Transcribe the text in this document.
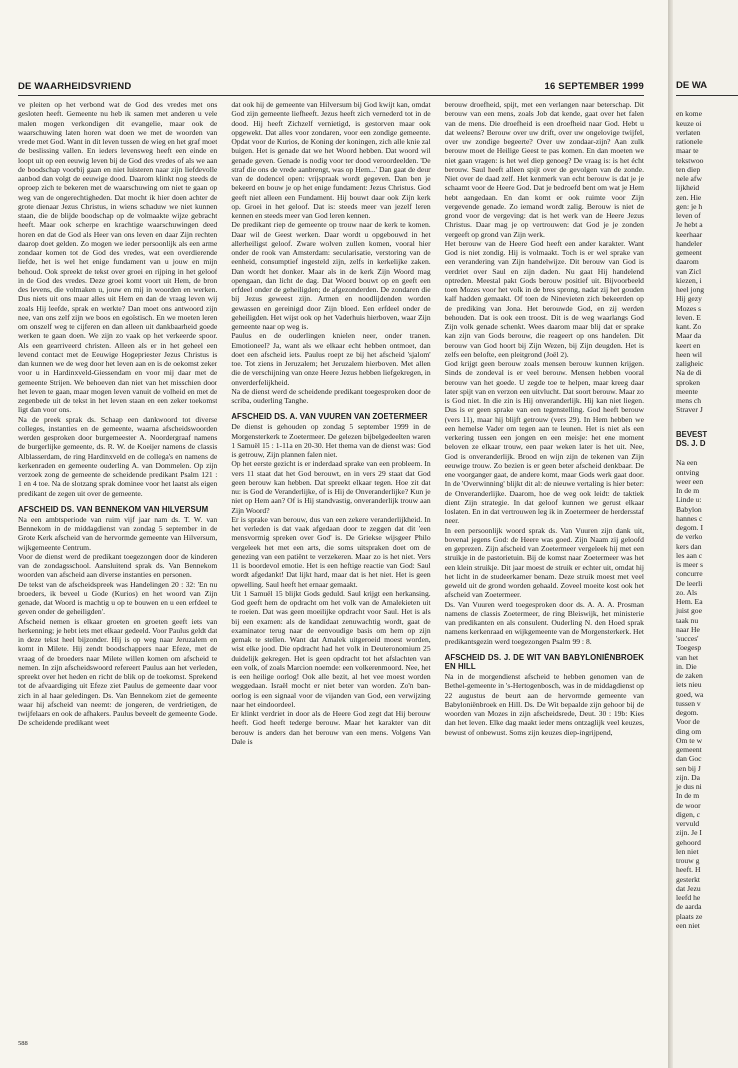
DE WAARHEIDSVRIEND	16 SEPTEMBER 1999

ve pleiten op het verbond wat de God des vredes met ons gesloten heeft. Gemeente nu heb ik samen met anderen u vele malen mogen verkondigen dit evangelie, maar ook de waarschuwing laten horen wat doen we met de woorden van vrede met God. Want in dit leven tussen de wieg en het graf moet de beslissing vallen. En ieders levensweg heeft een einde en loopt uit op een eeuwig leven bij de God des vredes of als we aan de boodschap voorbij gaan en niet luisteren naar zijn liefdevolle aanbod dan volgt de eeuwige dood. Daarom klinkt nog steeds de oproep zich te bekeren met de waarschuwing om niet te gaan op weg van de ongerechtigheden. Dat mocht ik hier doen achter de grote dienaar Jezus Christus, in wiens schaduw we niet kunnen staan, die de blijde boodschap op de volmaakte wijze gebracht heeft. Maar ook scherpe en krachtige waarschuwingen deed horen en dat de God als Heer van ons leven en daar Zijn rechten daarop doet gelden. Zo mogen we ieder persoonlijk als een arme zondaar komen tot de God des vredes, wat een overdierende liefde, het is wel het enige fundament van u jouw en mijn behoud. Ook spreekt de tekst over groei en rijping in het geloof in de God des vredes. Deze groei komt voort uit Hem, de bron des levens, die volmaken u, jouw en mij in woorden en werken. Dus niets uit ons maar alles uit Hem en dan de vraag leven wij zoals Hij leefde, sprak en werkte? Dan moet ons antwoord zijn nee, van ons zelf zijn we boos en egoïstisch. En we moeten leren om onszelf weg te cijferen en dan alleen uit dankbaarheid goede werken te gaan doen. We zijn zo vaak op het verkeerde spoor. Als een gearriveerd christen. Alleen als er in het geheel een levend contact met de Eeuwige Hogepriester Jezus Christus is dan kunnen we de weg door het leven aan en is de oekomst zeker voor u in Hardinxveld-Giessendam en voor mij daar met de gemeente Strijen. We behoeven dan niet van het misschien door het leven te gaan, maar mogen leven vanuit de volheid en met de zegenbede uit de tekst in het leven staan en een zeker toekomst ligt dan voor ons.

Na de preek sprak ds. Schaap een dankwoord tot diverse colleges, instanties en de gemeente, waarna afscheidswoorden werden gesproken door burgemeester A. Noordergraaf namens de burgerlijke gemeente, ds. R. W. de Koeijer namens de classis Alblasserdam, de ring Hardinxveld en de collega's en namens de kerkenraden en gemeente ouderling A. van Dommelen. Op zijn verzoek zong de gemeente de scheidende predikant Psalm 121 : 1 en 4 toe. Na de slotzang sprak dominee voor het laatst als eigen predikant de zegen uit over de gemeente.

AFSCHEID DS. VAN BENNEKOM VAN HILVERSUM

Na een ambtsperiode van ruim vijf jaar nam ds. T. W. van Bennekom in de middagdienst van zondag 5 september in de Grote Kerk afscheid van de hervormde gemeente van Hilversum, wijkgemeente Centrum.

Voor de dienst werd de predikant toegezongen door de kinderen van de zondagsschool. Aansluitend sprak ds. Van Bennekom woorden van afscheid aan diverse instanties en personen.

De tekst van de afscheidspreek was Handelingen 20 : 32: 'En nu broeders, ik beveel u Gode (Kurios) en het woord van Zijn genade, dat Woord is machtig u op te bouwen en u een erfdeel te geven onder de geheiligden'.

Afscheid nemen is elkaar groeten en groeten geeft iets van herkenning; je hebt iets met elkaar gedeeld. Voor Paulus geldt dat in deze tekst heel bijzonder. Hij is op weg naar Jeruzalem en komt in Milete. Hij zendt boodschappers naar Efeze, met de vraag of de broeders naar Milete willen komen om afscheid te nemen. In zijn afscheidswoord refereert Paulus aan het verleden, spreekt over het heden en richt de blik op de toekomst. Sprekend tot de afvaardiging uit Efeze ziet Paulus de gemeente daar voor zich in al haar geledingen. Ds. Van Bennekom ziet de gemeente waar hij afscheid van neemt: de jongeren, de verdrietigen, de twijfelaars en ook de afhakers. Paulus beveelt de gemeente Gode. De scheidende predikant weet

dat ook hij de gemeente van Hilversum bij God kwijt kan, omdat God zijn gemeente liefheeft. Jezus heeft zich vernederd tot in de dood. Hij heeft Zichzelf vernietigd, is gestorven maar ook opgewekt. Dat alles voor zondaren, voor een zondige gemeente. Opdat voor de Kurios, de Koning der koningen, zich alle knie zal buigen. Het is genade dat we het Woord hebben. Dat woord wil genade geven. Genade is nodig voor ter dood veroordeelden. 'De straf die ons de vrede aanbrengt, was op Hem...' Dan gaat de deur van de dodencel open: vrijspraak wordt gegeven. Dan ben je bekeerd en bouw je op het enige fundament: Jezus Christus. God geeft niet alleen een Fundament. Hij bouwt daar ook Zijn kerk op. Groei in het geloof. Dat is: steeds meer van jezelf leren kennen en steeds meer van God leren kennen.

De predikant riep de gemeente op trouw naar de kerk te komen. Daar wil de Geest werken. Daar wordt u opgebouwd in het allerheiligst geloof. Zware wolven zullen komen, vooral hier onder de rook van Amsterdam: secularisatie, verstoring van de eenheid, consumptief ingesteld zijn, zelfs in kerkelijke zaken. Dan wordt het donker. Maar als in de kerk Zijn Woord mag opengaan, dan licht de dag. Dat Woord bouwt op en geeft een erfdeel onder de geheiligden; de afgezonderden. De zondaren die bij Jezus geweest zijn. Armen en noodlijdenden worden gewassen en gereinigd door Zijn bloed. Een erfdeel onder de geheiligden. Het wijst ook op het Vaderhuis hierboven, waar Zijn gemeente naar op weg is.

Paulus en de ouderlingen knielen neer, onder tranen. Emotioneel? Ja, want als we elkaar echt hebben ontmoet, dan doet een afscheid iets. Paulus roept ze bij het afscheid 'sjalom' toe. Tot ziens in Jeruzalem; het Jeruzalem hierboven. Met allen die de verschijning van onze Heere Jezus hebben liefgekregen, in onverderfelijkheid.

Na de dienst werd de scheidende predikant toegesproken door de scriba, ouderling Tanghe.

AFSCHEID DS. A. VAN VUUREN VAN ZOETERMEER

De dienst is gehouden op zondag 5 september 1999 in de Morgensterkerk te Zoetermeer. De gelezen bijbelgedeelten waren 1 Samuël 15 : 1-11a en 20-30. Het thema van de dienst was: God is getrouw, Zijn plannen falen niet.

Op het eerste gezicht is er inderdaad sprake van een probleem. In vers 11 staat dat het God berouwt, en in vers 29 staat dat God geen berouw kan hebben. Dat spreekt elkaar tegen. Hoe zit dat nu: is God de Veranderlijke, of is Hij de Onveranderlijke? Kun je niet op Hem aan? Of is Hij standvastig, onveranderlijk trouw aan Zijn Woord?

Er is sprake van berouw, dus van een zekere veranderlijkheid. In het verleden is dat vaak afgedaan door te zeggen dat dit 'een mensvormig spreken over God' is. De Griekse wijsgeer Philo vergeleek het met een arts, die soms uitspraken doet om de genezing van een patiënt te verzekeren. Maar zo is het niet. Vers 11 is boordevol emotie. Het is een heftige reactie van God: Saul wordt afgedankt! Dat lijkt hard, maar dat is het niet. Het is geen opwelling. Saul heeft het ernaar gemaakt.

Uit 1 Samuël 15 blijkt Gods geduld. Saul krijgt een herkansing. God geeft hem de opdracht om het volk van de Amalekieten uit te roeien. Dat was geen moeilijke opdracht voor Saul. Het is als bij een examen: als de kandidaat zenuwachtig wordt, gaat de examinator terug naar de eenvoudige basis om hem op zijn gemak te stellen. Want dat Amalek uitgeroeid moest worden, wist elke jood. Die opdracht had het volk in Deuteronomium 25 duidelijk gekregen. Het is geen opdracht tot het afslachten van een volk, of zoals Marcion noemde: een volkerenmoord. Nee, het is een heilige oorlog! Ook alle bezit, al het vee moest worden weggedaan. Israël mocht er niet beter van worden. Zo'n ban-oorlog is een signaal voor de vijanden van God, een verwijzing naar het eindoordeel.

Er klinkt verdriet in door als de Heere God zegt dat Hij berouw heeft. God heeft tederge berouw. Maar het karakter van dit berouw is anders dan het berouw van een mens. Volgens Van Dale is

berouw droefheid, spijt, met een verlangen naar beterschap. Dit berouw van een mens, zoals Job dat kende, gaat over het falen van de mens. Die droefheid is een droefheid naar God. Hebt u dat weleens? Berouw over uw drift, over uw ongelovige twijfel, over uw zondige begeerte? Over uw zondaar-zijn? Aan zulk berouw moet de Heilige Geest te pas komen. En dan moeten we niet gaan vragen: is het wel diep genoeg? De vraag is: is het écht berouw. Saul heeft alleen spijt over de gevolgen van de zonde. Niet over de daad zelf. Het kenmerk van echt berouw is dat je je schaamt voor de Heere God. Dat je bedroefd bent om wat je Hem hebt aangedaan. En dan komt er ook ruimte voor Zijn vergevende genade. Zo iemand wordt zalig. Berouw is niet de grond voor de vergeving: dat is het werk van de Heere Jezus Christus. Daar mag je op vertrouwen: dat God je je zonden vergeeft op grond van Zijn werk.

Het berouw van de Heere God heeft een ander karakter. Want God is niet zondig. Hij is volmaakt. Toch is er wel sprake van een verandering van Zijn handelwijze. Dit berouw van God is verdriet over Saul en zijn daden. Nu gaat Hij handelend optreden. Meestal pakt Gods berouw positief uit. Bijvoorbeeld toen Mozes voor het volk in de bres sprong, nadat zij het gouden kalf hadden gemaakt. Of toen de Ninevieten zich bekeerden op de prediking van Jona. Het berouwde God, en zij werden behouden. Dat is ook een troost. Dit is de weg waarlangs God Zijn volk genade schenkt. Wees daarom maar blij dat er sprake kan zijn van Gods berouw, die reageert op ons handelen. Dit berouw van God hoort bij Zijn Wezen, bij Zijn deugden. Het is zelfs een belofte, een pleitgrond (Joël 2).

God krijgt geen berouw zoals mensen berouw kunnen krijgen. Sinds de zondeval is er veel berouw. Mensen hebben vooral berouw van het goede. U zegde toe te helpen, maar kreeg daar later spijt van en verzon een uitvlucht. Dat soort berouw. Maar zo is God niet. In die zin is Hij onveranderlijk. Hij kan niet liegen. Dus is er geen sprake van een tegenstelling. God heeft berouw (vers 11), maar hij blijft getrouw (vers 29). In Hem hebben we een hemelse Vader om tegen aan te leunen. Het is niet als een verkering tussen een jongen en een meisje: het ene moment beloven ze elkaar trouw, een paar weken later is het uit. Nee, God is onveranderlijk. Brood en wijn zijn de tekenen van Zijn eeuwige trouw. Zo bezien is er geen beter afscheid denkbaar. De ene voorganger gaat, de andere komt, maar Gods werk gaat door. In de 'Overwinning' blijkt dit al: de nieuwe vertaling is hier beter: de Onveranderlijke. Daarom, hoe de weg ook leidt: de taktiek dient Zijn strategie. In dat geloof kunnen we gerust elkaar loslaten. En in dat vertrouwen leg ik in Zoetermeer de herdersstaf neer.

In een persoonlijk woord sprak ds. Van Vuuren zijn dank uit, bovenal jegens God: de Heere was goed. Zijn Naam zij geloofd en geprezen. Zijn afscheid van Zoetermeer vergeleek hij met een struikje in de pastorietuin. Bij de komst naar Zoetermeer was het een klein struikje. Dit jaar moest de struik er echter uit, omdat hij het licht in de studeerkamer benam. Deze struik moest met veel geweld uit de grond worden gehaald. Zoveel moeite kost ook het afscheid van Zoetermeer.

Ds. Van Vuuren werd toegesproken door ds. A. A. A. Prosman namens de classis Zoetermeer, de ring Bleiswijk, het ministerie van predikanten en als consulent. Ouderling N. den Hoed sprak namens kerkenraad en wijkgemeente van de Morgensterkerk. Het predikantsgezin werd toegezongen Psalm 99 : 8.

AFSCHEID DS. J. DE WIT VAN BABYLONIËNBROEK EN HILL

Na in de morgendienst afscheid te hebben genomen van de Bethel-gemeente in 's-Hertogenbosch, was in de middagdienst op 22 augustus de beurt aan de hervormde gemeente van Babyloniënbroek en Hill. Ds. De Wit bepaalde zijn gehoor bij de woorden van Mozes in zijn afscheidsrede, Deut. 30 : 19b: Kies dan het leven. Elke dag maakt ieder mens ontzaglijk veel keuzes, bewust of onbewust. Soms zijn keuzes diep-ingrijpend,

588
DE WA

en kome
keuze oi
verlaten
rationele
maar te
tekstwoo
ten diep
nele afw
lijkheid
zen. Hie
gen: je h
leven of
Je hebt a
keerhaar
handeler
gemeent
daarom
van Zicl
kiezen, i
heel jong
Hij gezy
Mozes s
leven. E
kant. Zo
Maar da
keert en
heen wil
zaligheic
Na de di
sproken
meente
mens ch
Straver J

BEVEST
DS. J. D

Na een
ontving
weer een
In de m
Linde u:
Babylon
hannes c
degom. I
de verko
kers dan
les aan c
is meer s
concurre
De leerli
zo. Als
Hem. Ea
juist goe
taak nu
naar He
'succes'
Toegesp
van het
in. Die
de zaken
iets nieu
goed, wa
tussen v
degom.
Voor de
ding om
Om te w
gemeent
dan Goc
sen bij J
zijn. Da
je dus ni
In de m
de woor
digen, c
vervuld
zijn. Je I
gehoord
len niet
trouw g
heeft. H
gesterkt
dat Jezu
leefd he
de aarda
plaats ze
een niet
